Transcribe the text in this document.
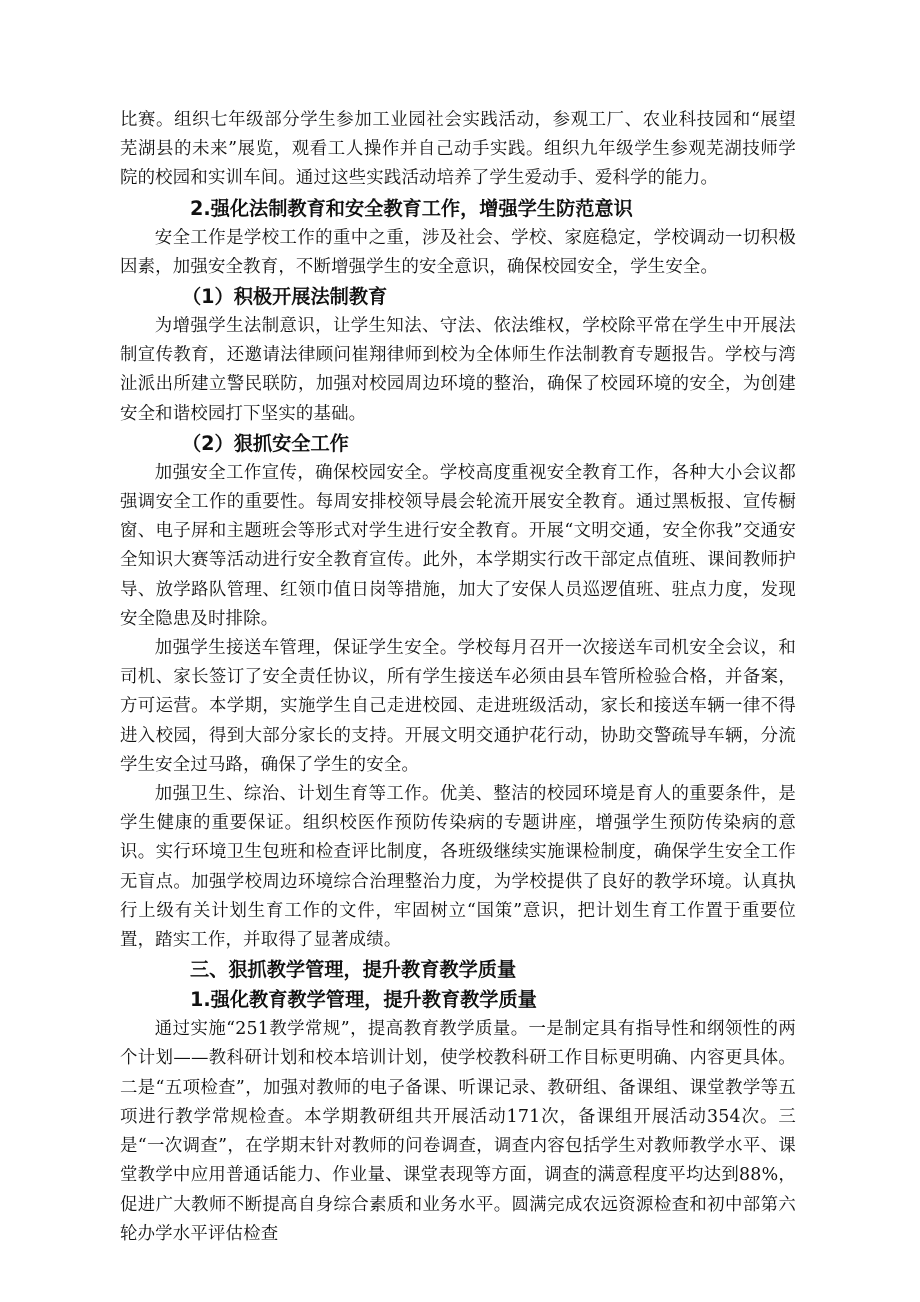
比赛。组织七年级部分学生参加工业园社会实践活动，参观工厂、农业科技园和“展望芜湖县的未来”展览，观看工人操作并自己动手实践。组织九年级学生参观芜湖技师学院的校园和实训车间。通过这些实践活动培养了学生爱动手、爱科学的能力。

2.强化法制教育和安全教育工作，增强学生防范意识

安全工作是学校工作的重中之重，涉及社会、学校、家庭稳定，学校调动一切积极因素，加强安全教育，不断增强学生的安全意识，确保校园安全，学生安全。

（1）积极开展法制教育

为增强学生法制意识，让学生知法、守法、依法维权，学校除平常在学生中开展法制宣传教育，还邀请法律顾问崔翔律师到校为全体师生作法制教育专题报告。学校与湾沚派出所建立警民联防，加强对校园周边环境的整治，确保了校园环境的安全，为创建安全和谐校园打下坚实的基础。

（2）狠抓安全工作

加强安全工作宣传，确保校园安全。学校高度重视安全教育工作，各种大小会议都强调安全工作的重要性。每周安排校领导晨会轮流开展安全教育。通过黑板报、宣传橱窗、电子屏和主题班会等形式对学生进行安全教育。开展“文明交通，安全你我”交通安全知识大赛等活动进行安全教育宣传。此外，本学期实行改干部定点值班、课间教师护导、放学路队管理、红领巾值日岗等措施，加大了安保人员巡逻值班、驻点力度，发现安全隐患及时排除。

加强学生接送车管理，保证学生安全。学校每月召开一次接送车司机安全会议，和司机、家长签订了安全责任协议，所有学生接送车必须由县车管所检验合格，并备案，方可运营。本学期，实施学生自己走进校园、走进班级活动，家长和接送车辆一律不得进入校园，得到大部分家长的支持。开展文明交通护花行动，协助交警疏导车辆，分流学生安全过马路，确保了学生的安全。

加强卫生、综治、计划生育等工作。优美、整洁的校园环境是育人的重要条件，是学生健康的重要保证。组织校医作预防传染病的专题讲座，增强学生预防传染病的意识。实行环境卫生包班和检查评比制度，各班级继续实施课检制度，确保学生安全工作无盲点。加强学校周边环境综合治理整治力度，为学校提供了良好的教学环境。认真执行上级有关计划生育工作的文件，牢固树立“国策”意识，把计划生育工作置于重要位置，踏实工作，并取得了显著成绩。

三、狠抓教学管理，提升教育教学质量

1.强化教育教学管理，提升教育教学质量

通过实施“251教学常规”，提高教育教学质量。一是制定具有指导性和纲领性的两个计划——教科研计划和校本培训计划，使学校教科研工作目标更明确、内容更具体。二是“五项检查”，加强对教师的电子备课、听课记录、教研组、备课组、课堂教学等五项进行教学常规检查。本学期教研组共开展活动171次，备课组开展活动354次。三是“一次调查”，在学期末针对教师的问卷调查，调查内容包括学生对教师教学水平、课堂教学中应用普通话能力、作业量、课堂表现等方面，调查的满意程度平均达到88%，促进广大教师不断提高自身综合素质和业务水平。圆满完成农远资源检查和初中部第六轮办学水平评估检查
